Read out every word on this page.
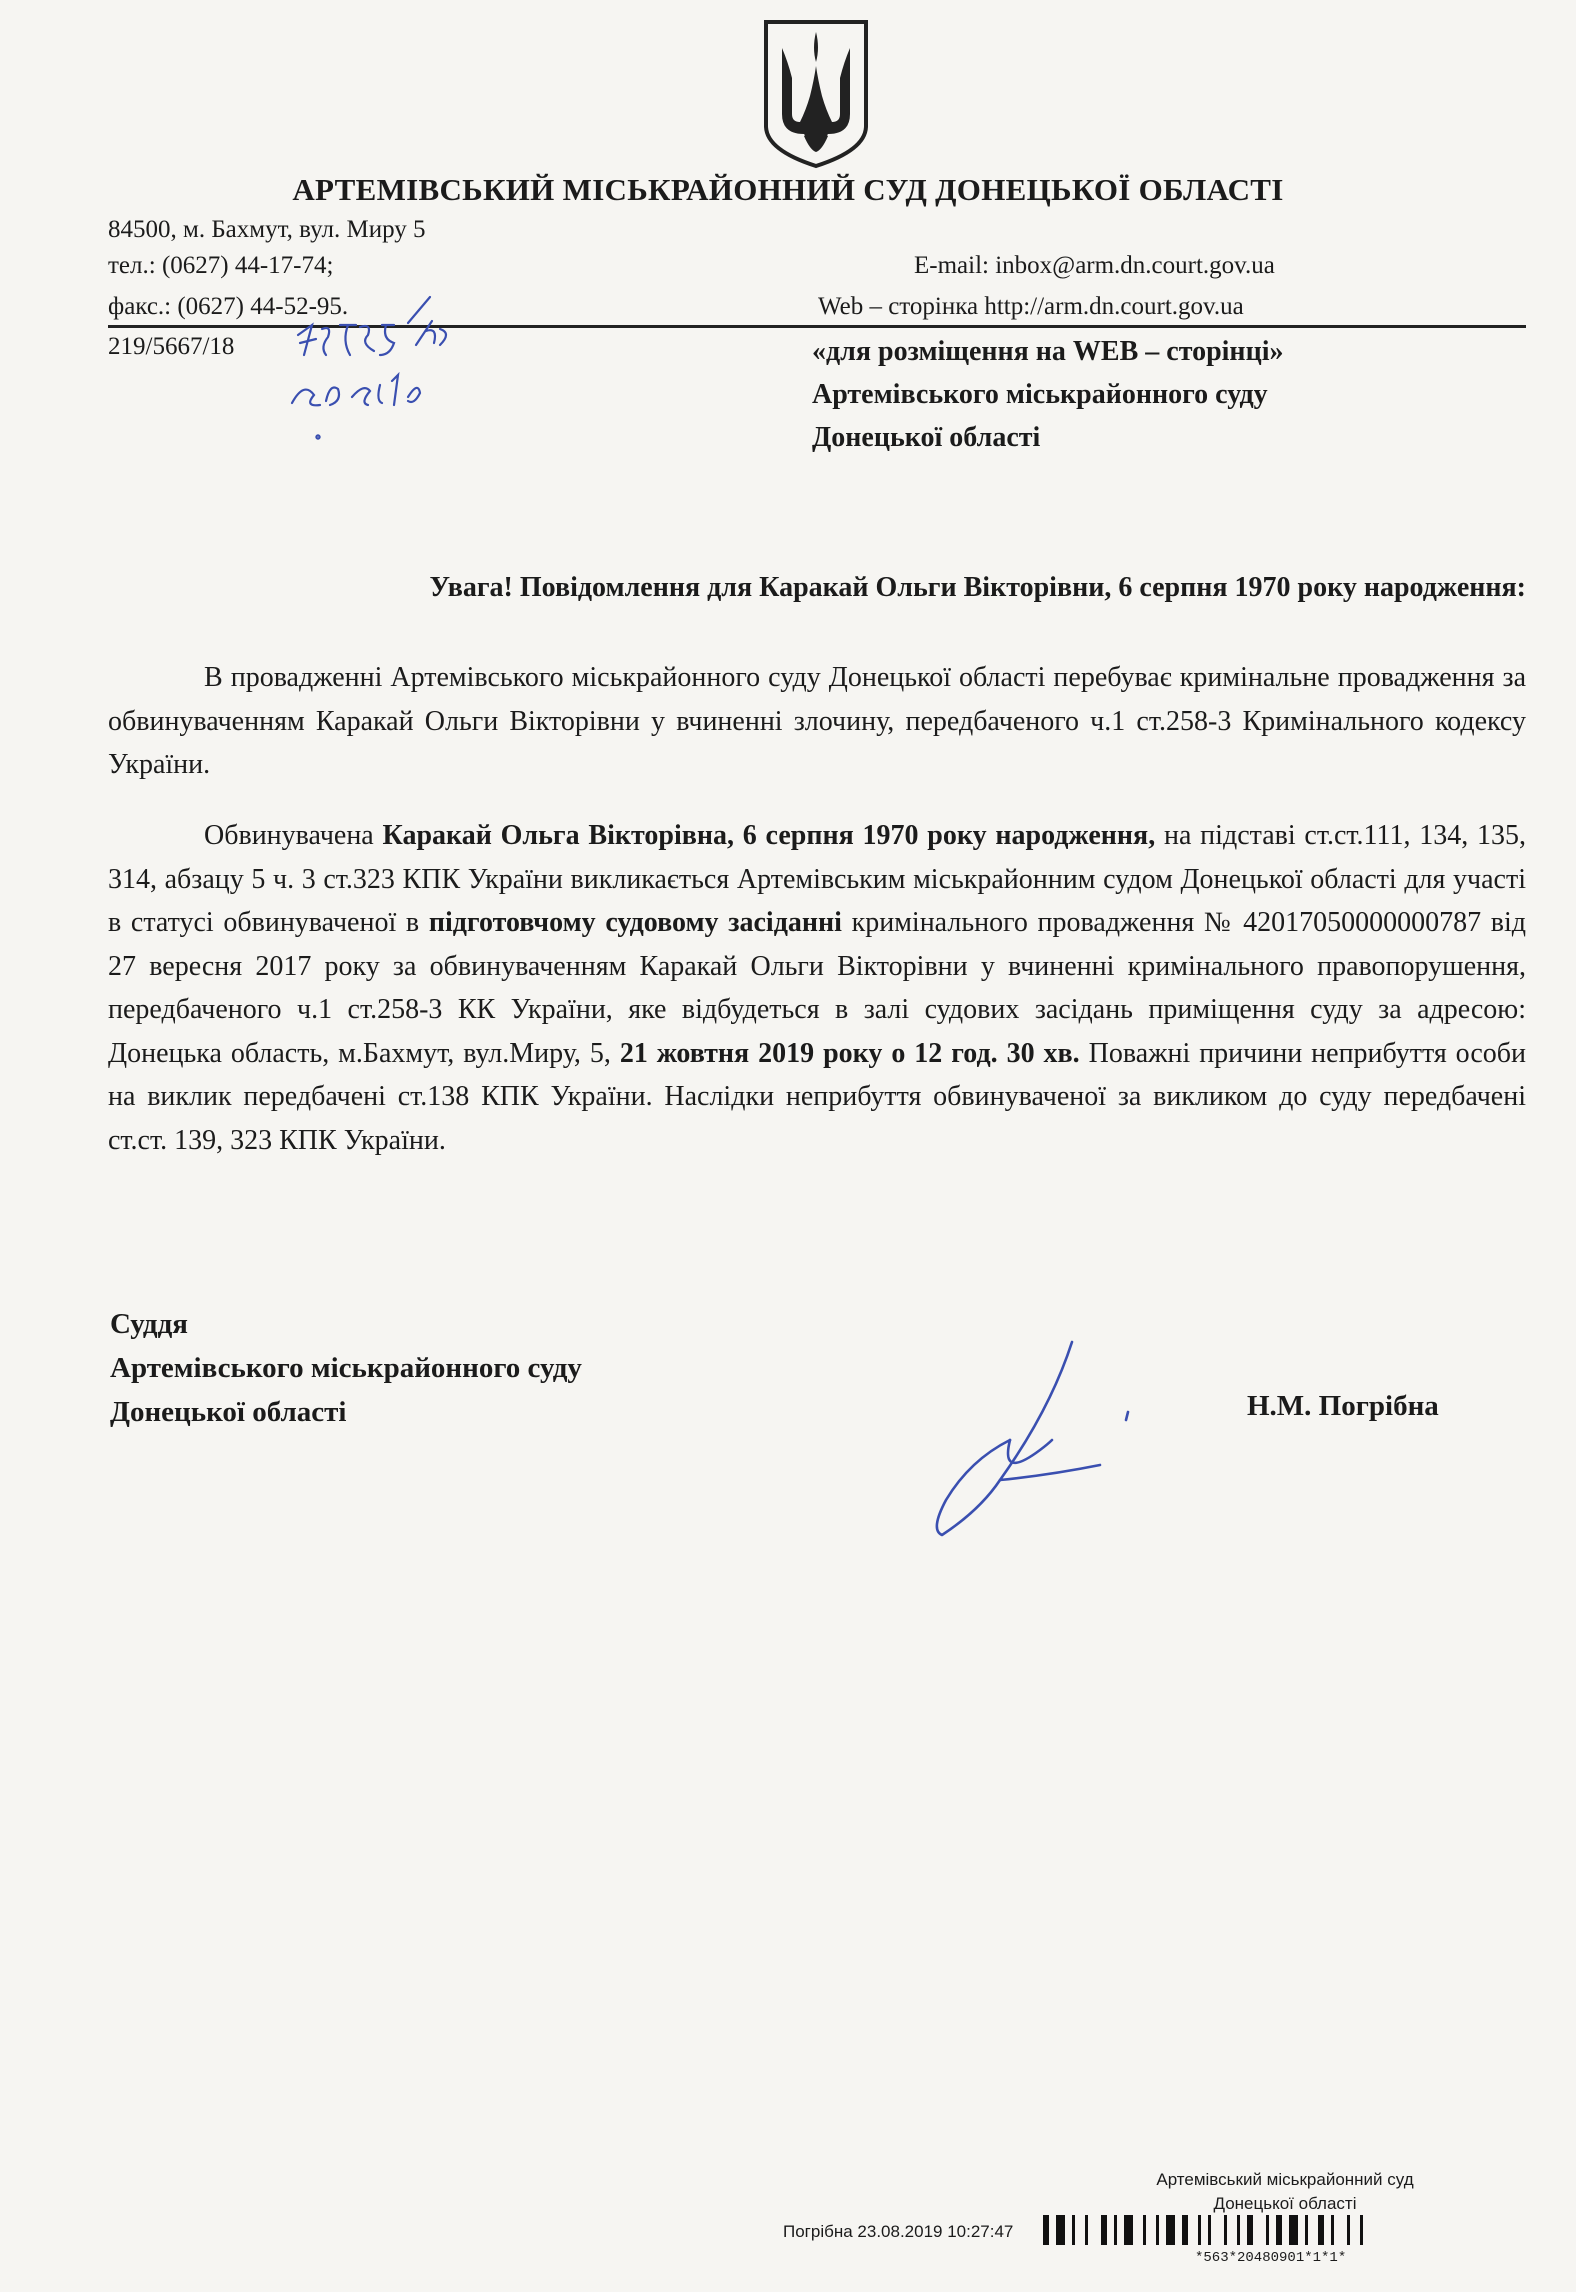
АРТЕМІВСЬКИЙ МІСЬКРАЙОННИЙ СУД ДОНЕЦЬКОЇ ОБЛАСТІ
84500, м. Бахмут, вул. Миру 5
тел.: (0627) 44-17-74;
факс.: (0627) 44-52-95.
E-mail: inbox@arm.dn.court.gov.ua
Web – сторінка http://arm.dn.court.gov.ua
219/5667/18	«для розміщення на WEB – сторінці»
Артемівського міськрайонного суду
Донецької області
Увага! Повідомлення для Каракай Ольги Вікторівни, 6 серпня 1970 року народження:

В провадженні Артемівського міськрайонного суду Донецької області перебуває кримінальне провадження за обвинуваченням Каракай Ольги Вікторівни у вчиненні злочину, передбаченого ч.1 ст.258-3 Кримінального кодексу України.

Обвинувачена Каракай Ольга Вікторівна, 6 серпня 1970 року народження, на підставі ст.ст.111, 134, 135, 314, абзацу 5 ч. 3 ст.323 КПК України викликається Артемівським міськрайонним судом Донецької області для участі в статусі обвинуваченої в підготовчому судовому засіданні кримінального провадження № 42017050000000787 від 27 вересня 2017 року за обвинуваченням Каракай Ольги Вікторівни у вчиненні кримінального правопорушення, передбаченого ч.1 ст.258-3 КК України, яке відбудеться в залі судових засідань приміщення суду за адресою: Донецька область, м.Бахмут, вул.Миру, 5, 21 жовтня 2019 року о 12 год. 30 хв. Поважні причини неприбуття особи на виклик передбачені ст.138 КПК України. Наслідки неприбуття обвинуваченої за викликом до суду передбачені ст.ст. 139, 323 КПК України.

Суддя
Артемівського міськрайонного суду
Донецької області	Н.М. Погрібна
Артемівський міськрайонний суд
Донецької області
Погрібна 23.08.2019 10:27:47
*563*20480901*1*1*
